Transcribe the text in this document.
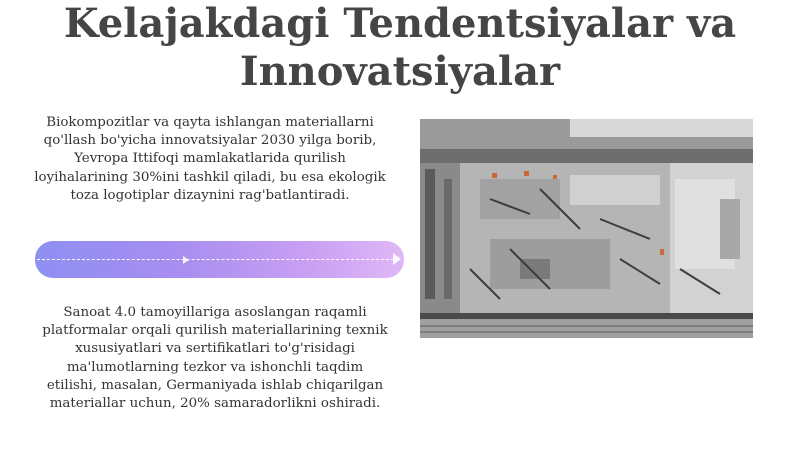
Kelajakdagi Tendentsiyalar va
Innovatsiyalar
Biokompozitlar va qayta ishlangan materiallarni qo'llash bo'yicha innovatsiyalar 2030 yilga borib, Yevropa Ittifoqi mamlakatlarida qurilish loyihalarining 30%ini tashkil qiladi, bu esa ekologik toza logotiplar dizaynini rag'batlantiradi.
Sanoat 4.0 tamoyillariga asoslangan raqamli platformalar orqali qurilish materiallarining texnik xususiyatlari va sertifikatlari to'g'risidagi ma'lumotlarning tezkor va ishonchli taqdim etilishi, masalan, Germaniyada ishlab chiqarilgan materiallar uchun, 20% samaradorlikni oshiradi.
